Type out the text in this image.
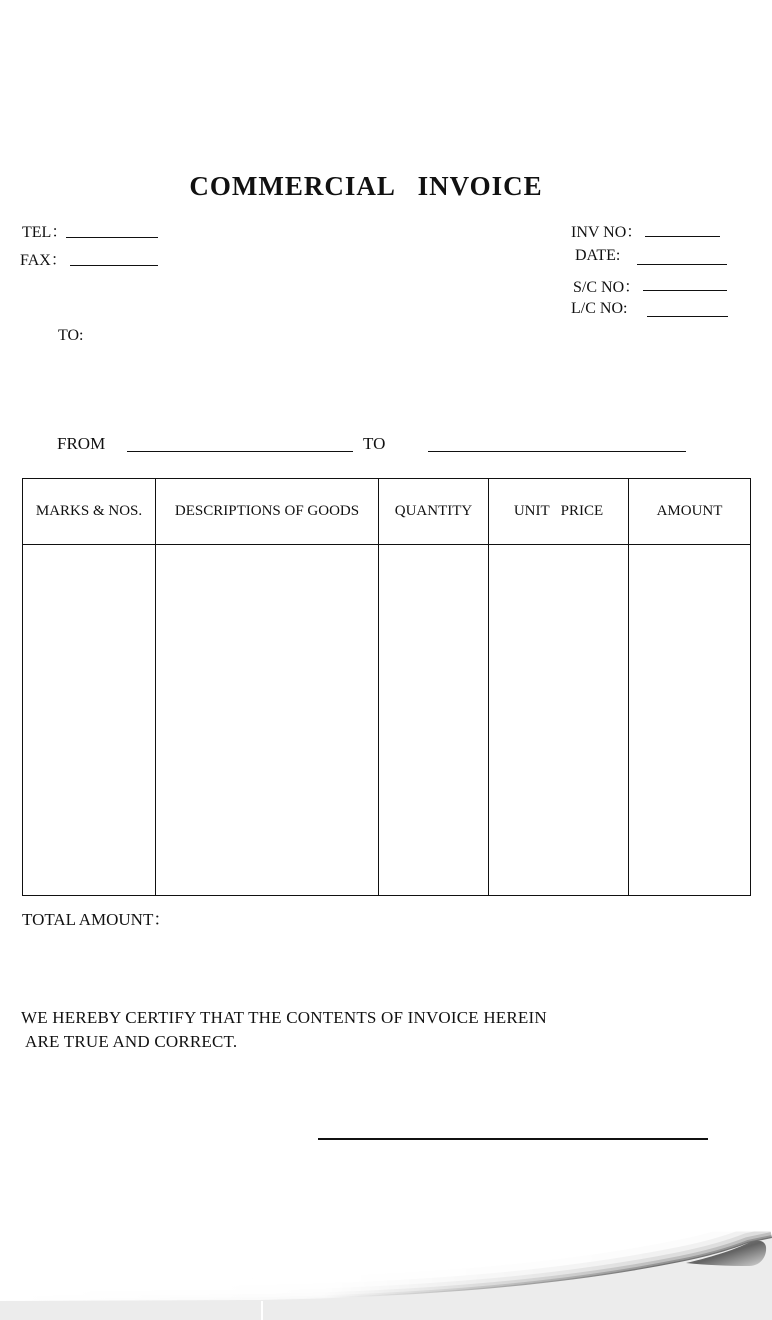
COMMERCIAL   INVOICE
TEL：
FAX：
INV NO：
DATE:
S/C NO：
L/C NO:
TO:
FROM	TO
MARKS & NOS.	DESCRIPTIONS OF GOODS	QUANTITY	UNIT   PRICE	AMOUNT

TOTAL AMOUNT：
WE HEREBY CERTIFY THAT THE CONTENTS OF INVOICE HEREIN
ARE TRUE AND CORRECT.
